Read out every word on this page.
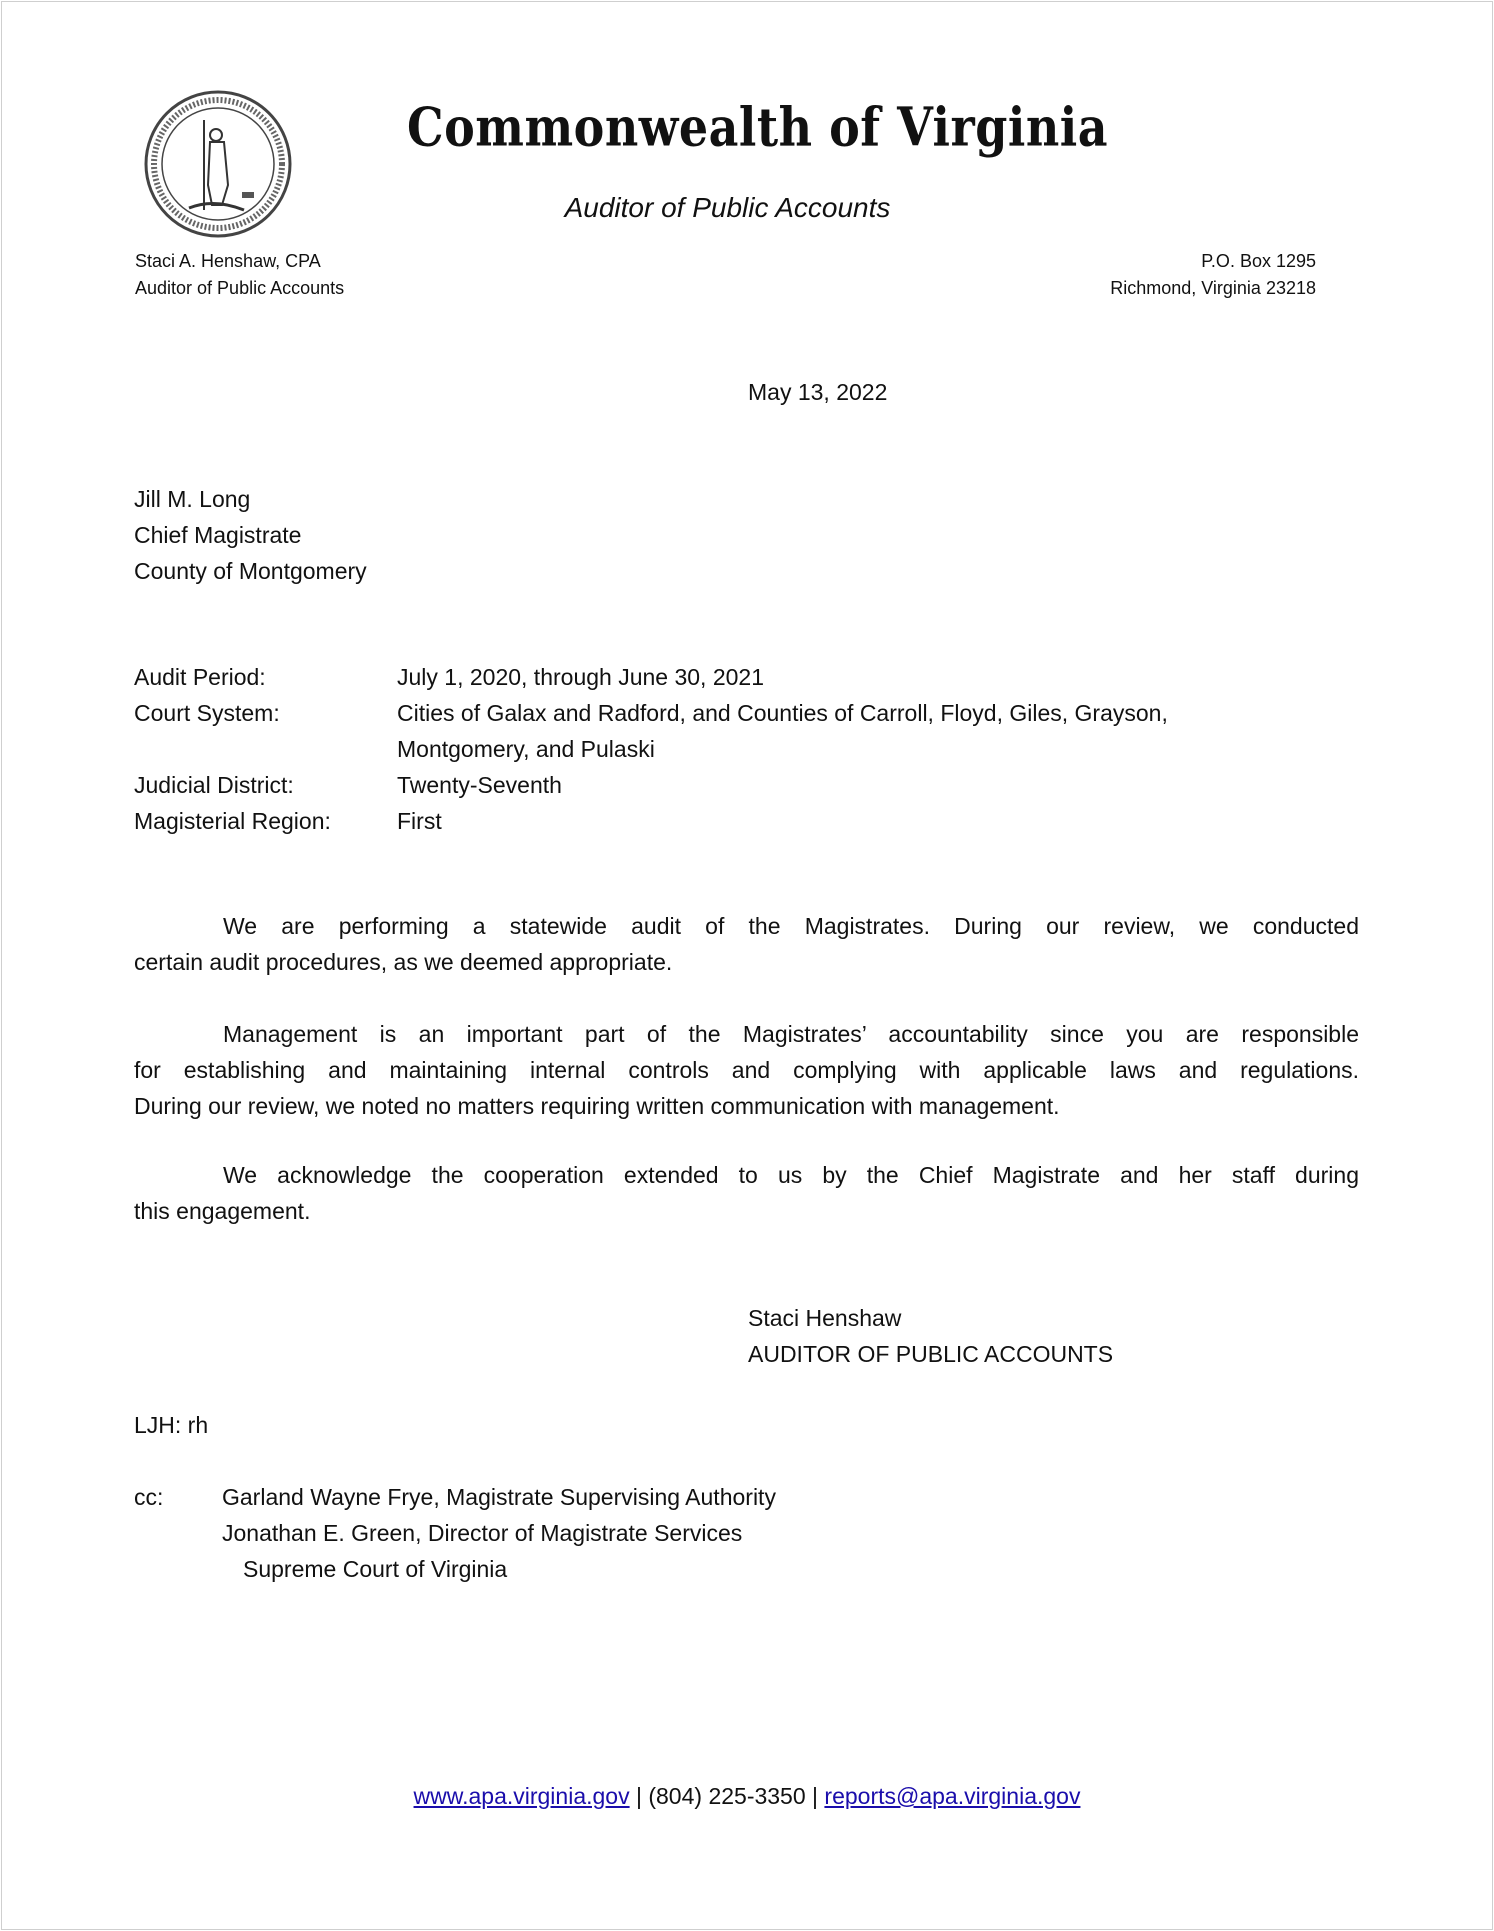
Commonwealth of Virginia
Auditor of Public Accounts
Staci A. Henshaw, CPA
Auditor of Public Accounts
P.O. Box 1295
Richmond, Virginia 23218
May 13, 2022
Jill M. Long
Chief Magistrate
County of Montgomery
Audit Period:	July 1, 2020, through June 30, 2021
Court System:	Cities of Galax and Radford, and Counties of Carroll, Floyd, Giles, Grayson,
Montgomery, and Pulaski
Judicial District:	Twenty-Seventh
Magisterial Region:	First
We are performing a statewide audit of the Magistrates. During our review, we conducted
certain audit procedures, as we deemed appropriate.
Management is an important part of the Magistrates’ accountability since you are responsible
for establishing and maintaining internal controls and complying with applicable laws and regulations.
During our review, we noted no matters requiring written communication with management.
We acknowledge the cooperation extended to us by the Chief Magistrate and her staff during
this engagement.
Staci Henshaw
AUDITOR OF PUBLIC ACCOUNTS
LJH: rh
cc:	Garland Wayne Frye, Magistrate Supervising Authority
Jonathan E. Green, Director of Magistrate Services
Supreme Court of Virginia
www.apa.virginia.gov | (804) 225-3350 | reports@apa.virginia.gov
